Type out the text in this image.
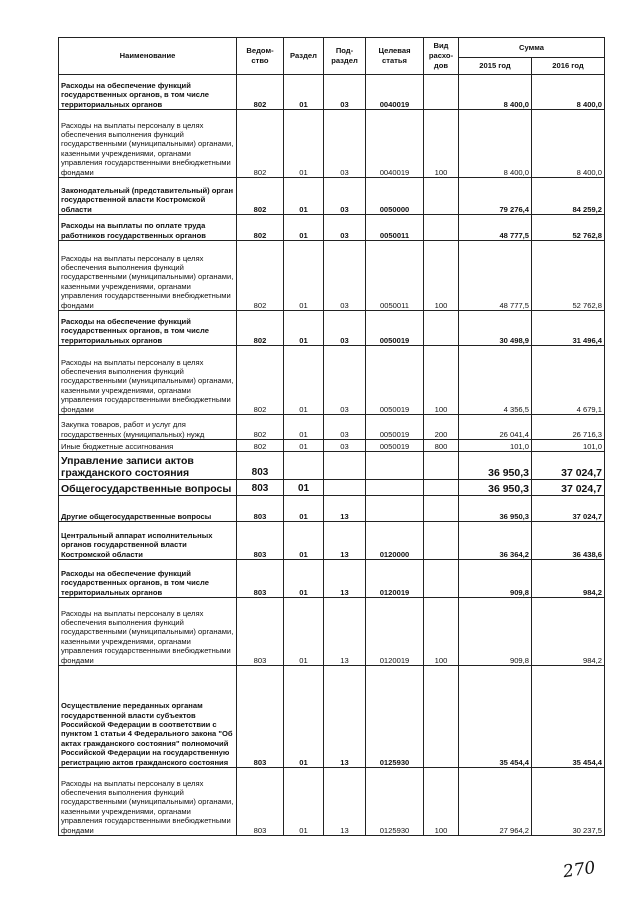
Наименование	Ведом-ство	Раздел	Под-раздел	Целевая статья	Вид расхо-дов	Сумма	
						2015 год	2016 год
Расходы на обеспечение функций государственных органов, в том числе территориальных органов	802	01	03	0040019		8 400,0	8 400,0
Расходы на выплаты персоналу в целях обеспечения выполнения функций государственными (муниципальными) органами, казенными учреждениями, органами управления государственными внебюджетными фондами	802	01	03	0040019	100	8 400,0	8 400,0
Законодательный (представительный) орган государственной власти Костромской области	802	01	03	0050000		79 276,4	84 259,2
Расходы на выплаты по оплате труда работников государственных органов	802	01	03	0050011		48 777,5	52 762,8
Расходы на выплаты персоналу в целях обеспечения выполнения функций государственными (муниципальными) органами, казенными учреждениями, органами управления государственными внебюджетными фондами	802	01	03	0050011	100	48 777,5	52 762,8
Расходы на обеспечение функций государственных органов, в том числе территориальных органов	802	01	03	0050019		30 498,9	31 496,4
Расходы на выплаты персоналу в целях обеспечения выполнения функций государственными (муниципальными) органами, казенными учреждениями, органами управления государственными внебюджетными фондами	802	01	03	0050019	100	4 356,5	4 679,1
Закупка товаров, работ и услуг для государственных (муниципальных) нужд	802	01	03	0050019	200	26 041,4	26 716,3
Иные бюджетные ассигнования	802	01	03	0050019	800	101,0	101,0
Управление записи актов гражданского состояния	803					36 950,3	37 024,7
Общегосударственные вопросы	803	01				36 950,3	37 024,7
Другие общегосударственные вопросы	803	01	13			36 950,3	37 024,7
Центральный аппарат исполнительных органов государственной власти Костромской области	803	01	13	0120000		36 364,2	36 438,6
Расходы на обеспечение функций государственных органов, в том числе территориальных органов	803	01	13	0120019		909,8	984,2
Расходы на выплаты персоналу в целях обеспечения выполнения функций государственными (муниципальными) органами, казенными учреждениями, органами управления государственными внебюджетными фондами	803	01	13	0120019	100	909,8	984,2
Осуществление переданных органам государственной власти субъектов Российской Федерации в соответствии с пунктом 1 статьи 4 Федерального закона "Об актах гражданского состояния" полномочий Российской Федерации на государственную регистрацию актов гражданского состояния	803	01	13	0125930		35 454,4	35 454,4
Расходы на выплаты персоналу в целях обеспечения выполнения функций государственными (муниципальными) органами, казенными учреждениями, органами управления государственными внебюджетными фондами	803	01	13	0125930	100	27 964,2	30 237,5
270
